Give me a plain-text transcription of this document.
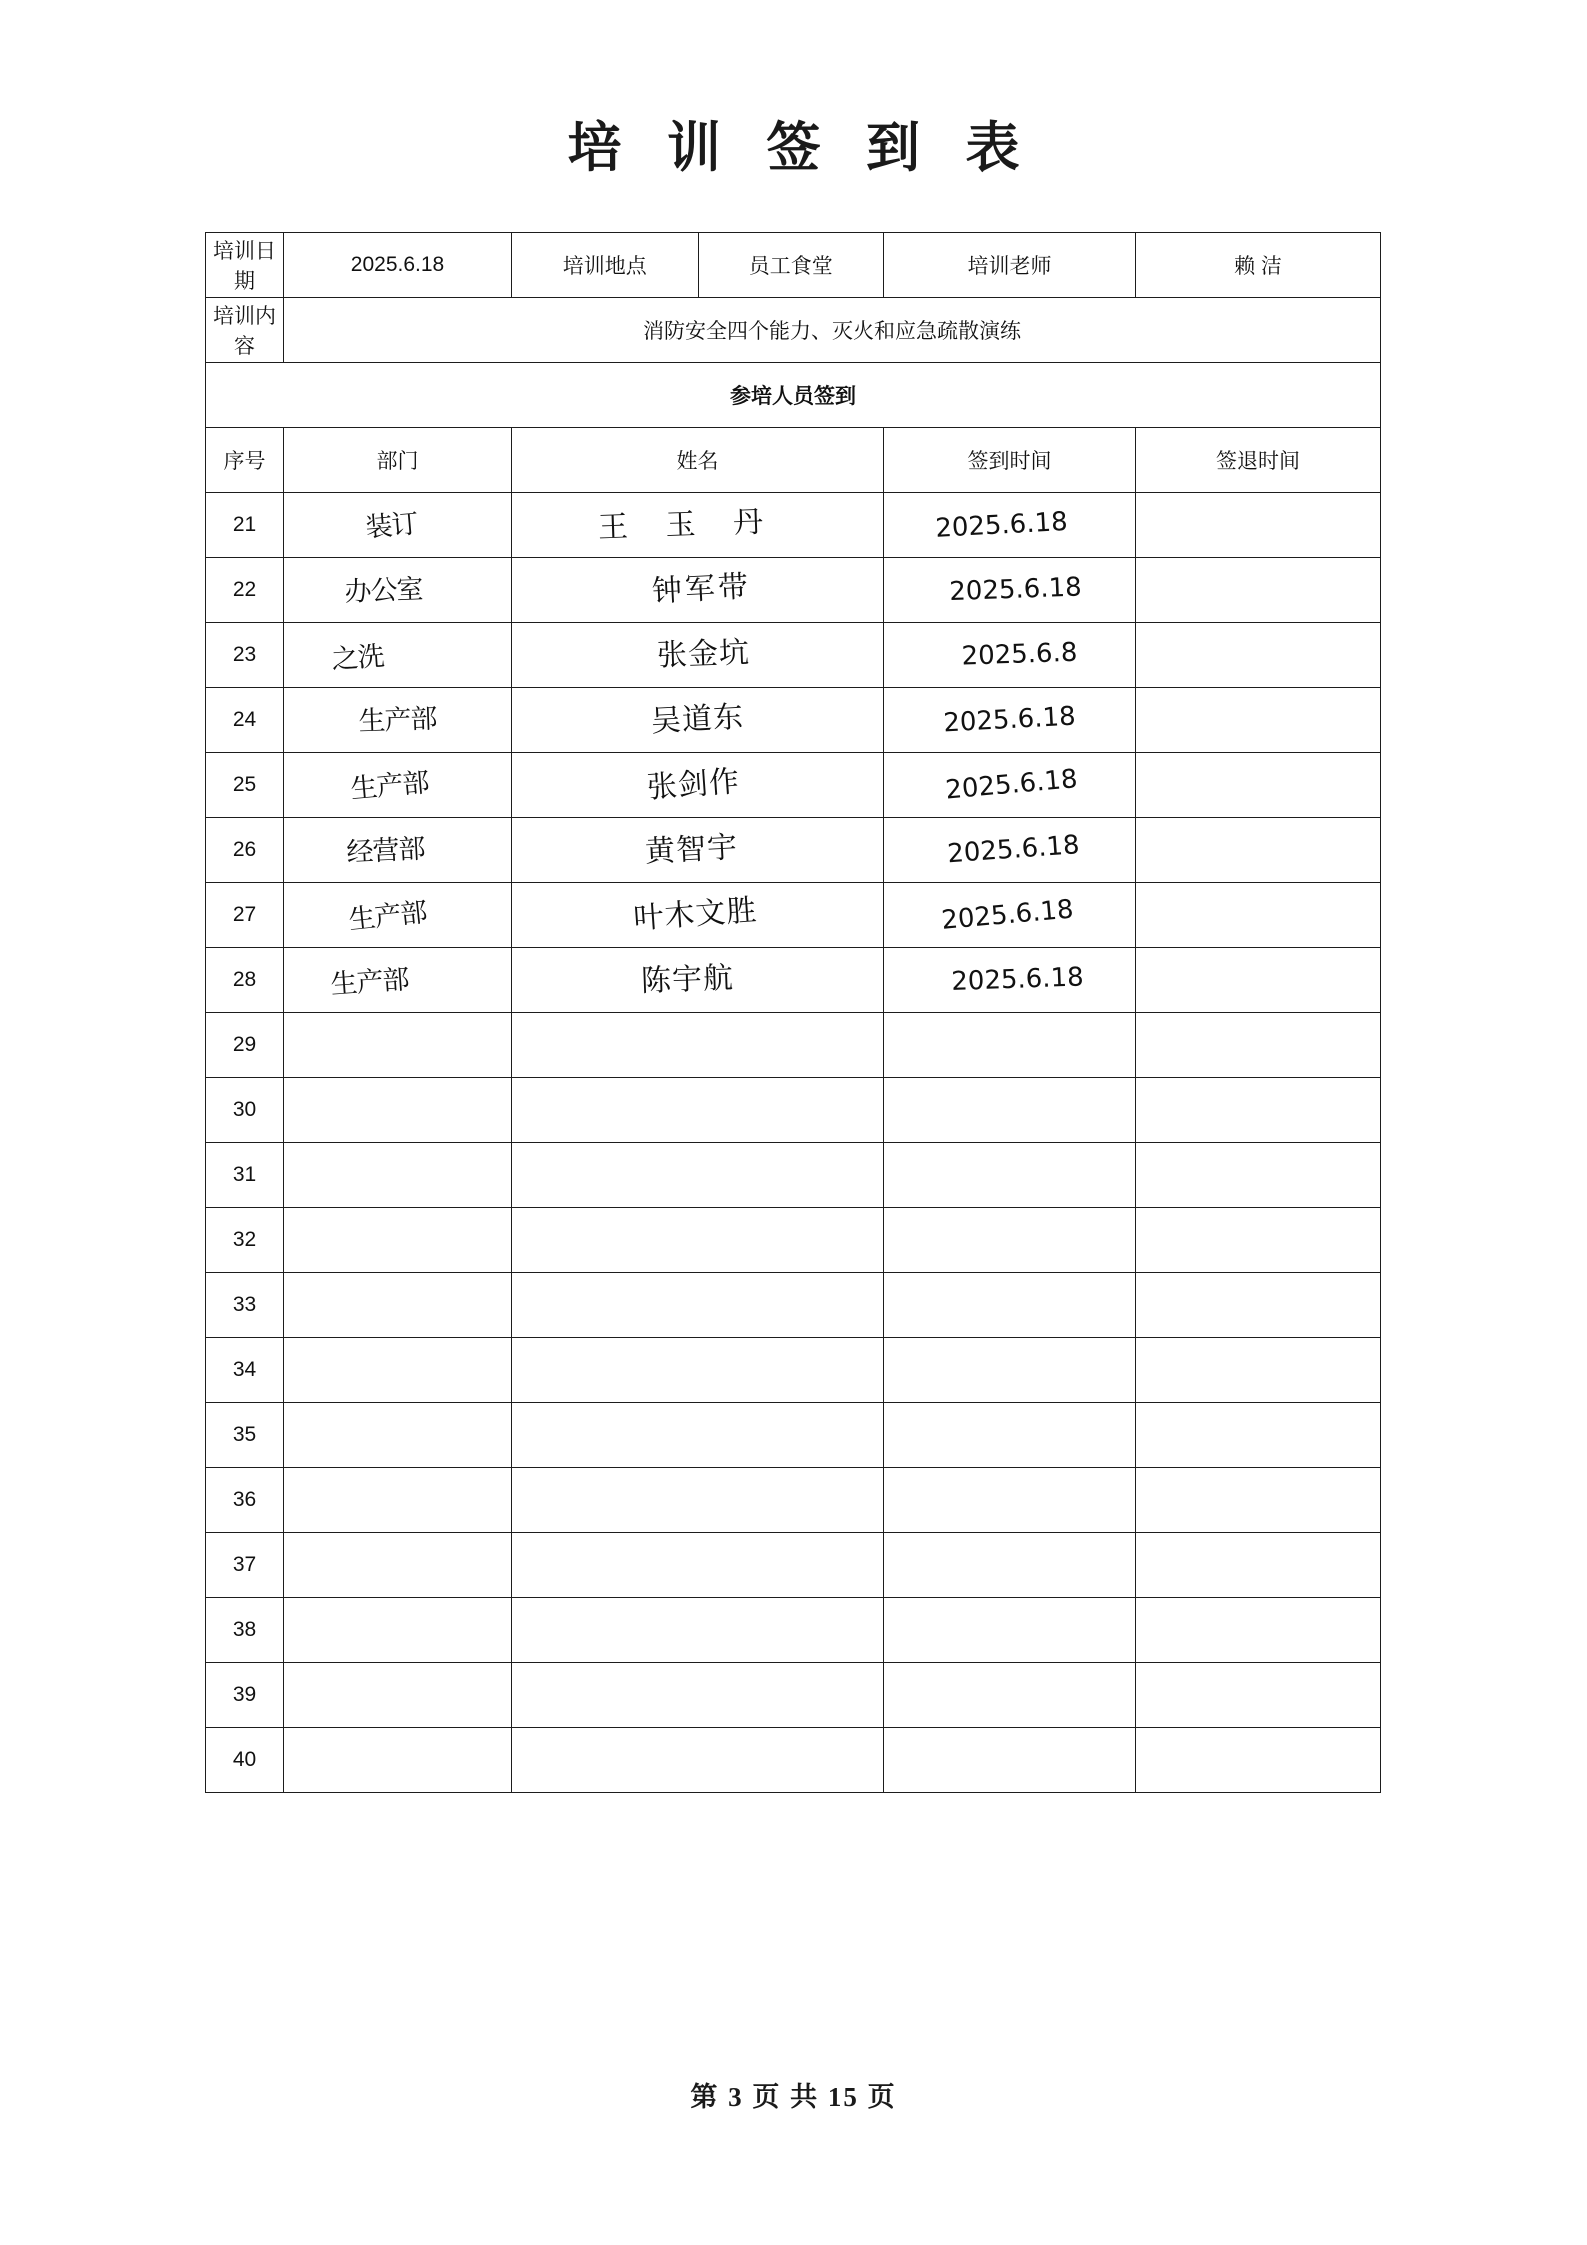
培 训 签 到 表
培训日期	2025.6.18	培训地点 员工食堂	培训老师	赖 洁
培训内容	消防安全四个能力、灭火和应急疏散演练			
参培人员签到				
序号	部门	姓名	签到时间	签退时间
21	装订	王 玉 丹	2025.6.18	

22	办公室	钟军带	2025.6.18	

23	之洗	张金坑	2025.6.8	

24	生产部	吴道东	2025.6.18	

25	生产部	张剑作	2025.6.18	

26	经营部	黄智宇	2025.6.18	

27	生产部	叶木文胜	2025.6.18	

28	生产部	陈宇航	2025.6.18	

29				
30				
31				
32				
33				
34				
35				
36				
37				
38				
39				
40				
第 3 页 共 15 页
